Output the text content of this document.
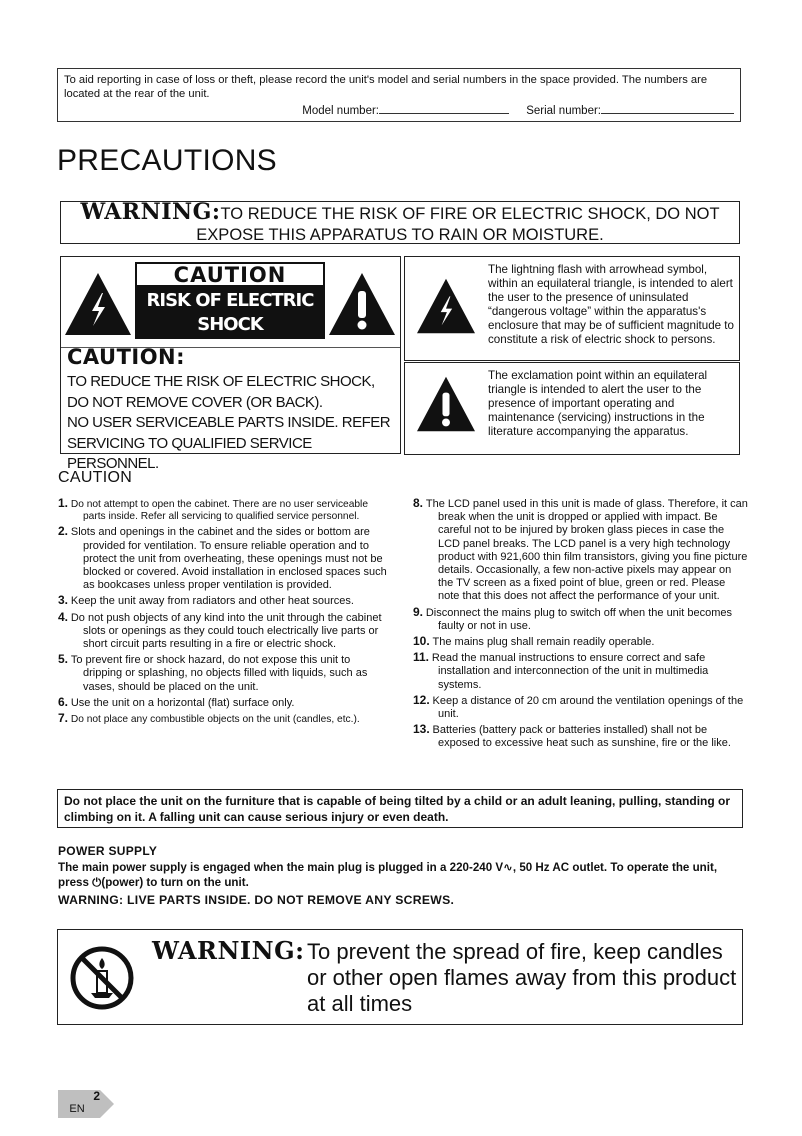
To aid reporting in case of loss or theft, please record the unit's model and serial numbers in the space provided. The numbers are located at the rear of the unit.
Model number:	Serial number:
PRECAUTIONS
WARNING:TO REDUCE THE RISK OF FIRE OR ELECTRIC SHOCK, DO NOT
EXPOSE THIS APPARATUS TO RAIN OR MOISTURE.
CAUTION
RISK OF ELECTRIC SHOCK
DO NOT OPEN
CAUTION:
TO REDUCE THE RISK OF ELECTRIC SHOCK,
DO NOT REMOVE COVER (OR BACK).
NO USER SERVICEABLE PARTS INSIDE. REFER
SERVICING TO QUALIFIED SERVICE PERSONNEL.
The lightning flash with arrowhead symbol, within an equilateral triangle, is intended to alert the user to the presence of uninsulated “dangerous voltage” within the apparatus's enclosure that may be of sufficient magnitude to constitute a risk of electric shock to persons.
The exclamation point within an equilateral triangle is intended to alert the user to the presence of important operating and maintenance (servicing) instructions in the literature accompanying the apparatus.
CAUTION
1. Do not attempt to open the cabinet. There are no user serviceable parts inside. Refer all servicing to qualified service personnel.
2. Slots and openings in the cabinet and the sides or bottom are provided for ventilation. To ensure reliable operation and to protect the unit from overheating, these openings must not be blocked or covered. Avoid installation in enclosed spaces such as bookcases unless proper ventilation is provided.
3. Keep the unit away from radiators and other heat sources.
4. Do not push objects of any kind into the unit through the cabinet slots or openings as they could touch electrically live parts or short circuit parts resulting in a fire or electric shock.
5. To prevent fire or shock hazard, do not expose this unit to dripping or splashing, no objects filled with liquids, such as vases, should be placed on the unit.
6. Use the unit on a horizontal (flat) surface only.
7. Do not place any combustible objects on the unit (candles, etc.).
8. The LCD panel used in this unit is made of glass. Therefore, it can break when the unit is dropped or applied with impact. Be careful not to be injured by broken glass pieces in case the LCD panel breaks. The LCD panel is a very high technology product with 921,600 thin film transistors, giving you fine picture details. Occasionally, a few non-active pixels may appear on the TV screen as a fixed point of blue, green or red. Please note that this does not affect the performance of your unit.
9. Disconnect the mains plug to switch off when the unit becomes faulty or not in use.
10. The mains plug shall remain readily operable.
11. Read the manual instructions to ensure correct and safe installation and interconnection of the unit in multimedia systems.
12. Keep a distance of 20 cm around the ventilation openings of the unit.
13. Batteries (battery pack or batteries installed) shall not be exposed to excessive heat such as sunshine, fire or the like.
Do not place the unit on the furniture that is capable of being tilted by a child or an adult leaning, pulling, standing or climbing on it. A falling unit can cause serious injury or even death.
POWER SUPPLY
The main power supply is engaged when the main plug is plugged in a 220-240 V∿, 50 Hz AC outlet. To operate the unit, press ⏻(power) to turn on the unit.
WARNING: LIVE PARTS INSIDE. DO NOT REMOVE ANY SCREWS.
WARNING: To prevent the spread of fire, keep candles or other open flames away from this product at all times
2
EN
